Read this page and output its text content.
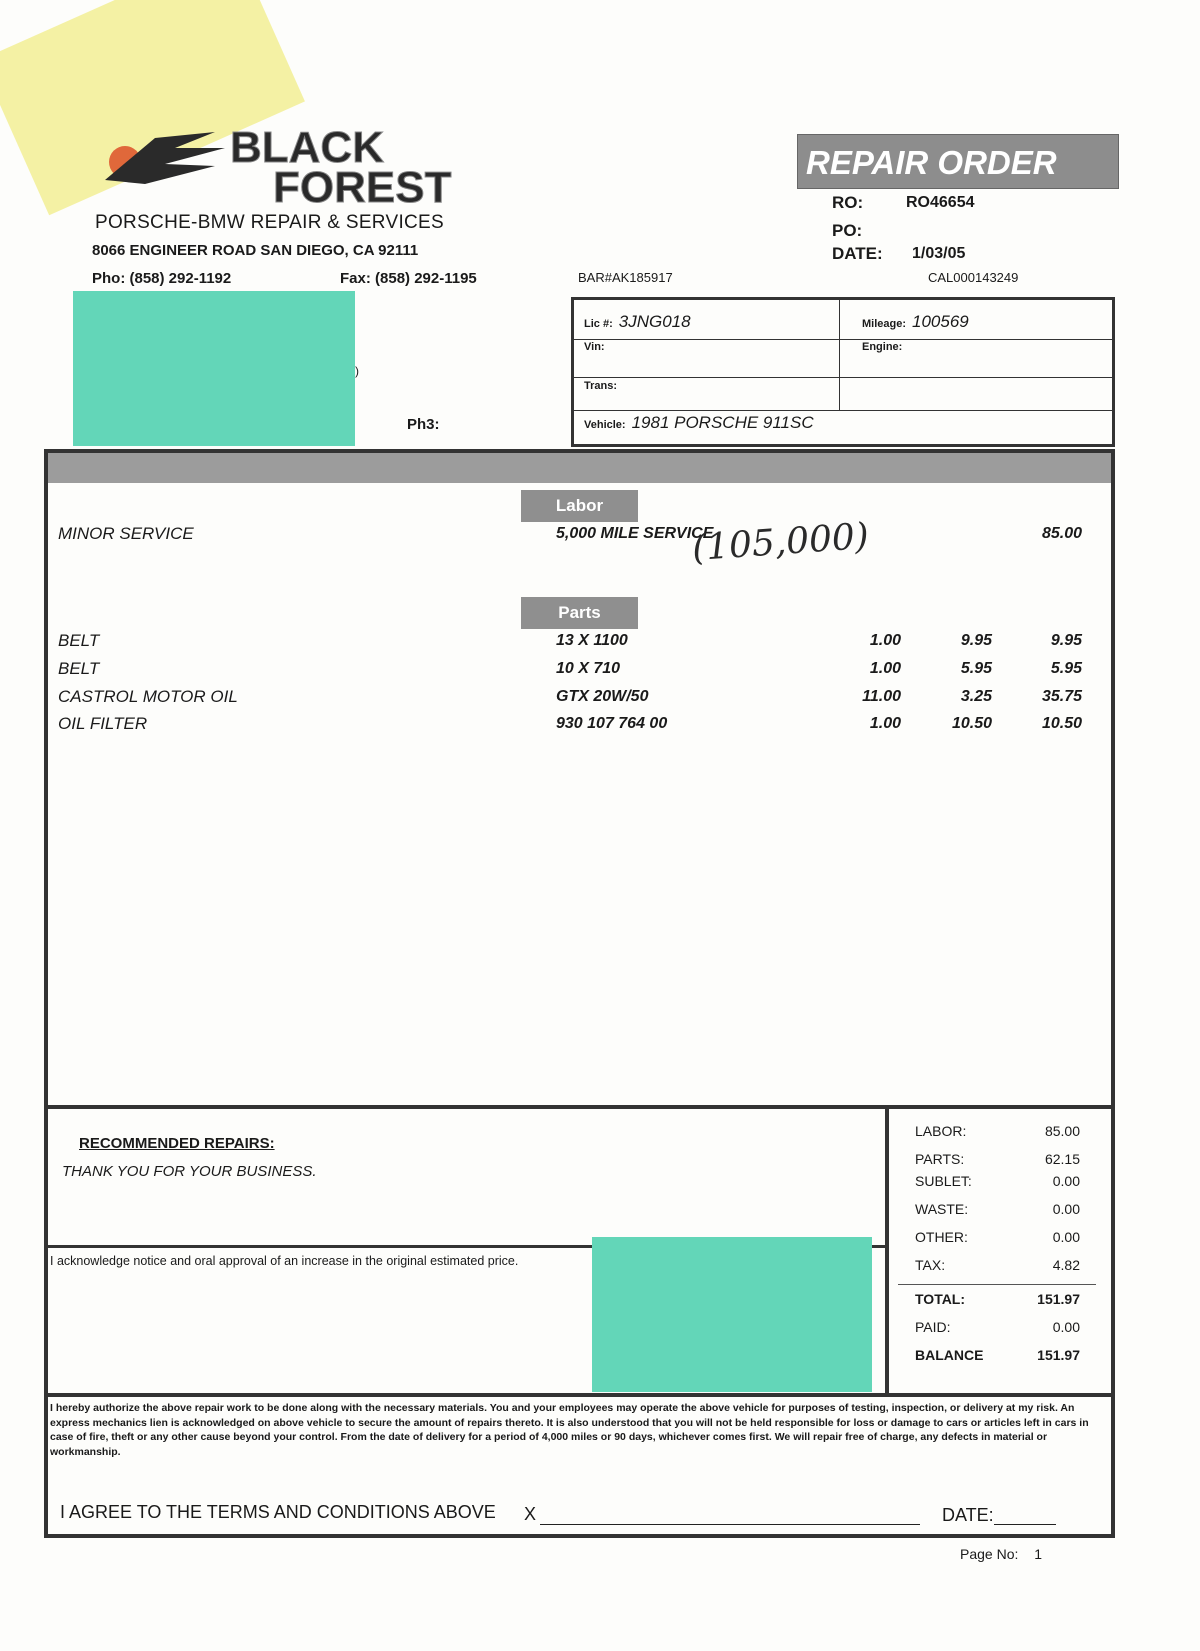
BLACK
FOREST
PORSCHE-BMW REPAIR & SERVICES
8066 ENGINEER ROAD SAN DIEGO, CA 92111
Pho: (858) 292-1192	Fax: (858) 292-1195	BAR#AK185917	CAL000143249
)
Ph3:
REPAIR ORDER
RO:	RO46654
PO:
DATE: 1/03/05
Lic #: 3JNG018	Mileage: 100569
Vin:	Engine:
Trans:
Vehicle: 1981 PORSCHE 911SC
Labor
MINOR SERVICE	5,000 MILE SERVICE	85.00
(105,000)
Parts
BELT	13 X 1100	1.00	9.95	9.95
BELT	10 X 710	1.00	5.95	5.95
CASTROL MOTOR OIL	GTX 20W/50	11.00	3.25	35.75
OIL FILTER	930 107 764 00	1.00	10.50	10.50
RECOMMENDED REPAIRS:
THANK YOU FOR YOUR BUSINESS.
I acknowledge notice and oral approval of an increase in the original estimated price.
LABOR:	85.00
PARTS:	62.15
SUBLET:	0.00
WASTE:	0.00
OTHER:	0.00
TAX:	4.82
TOTAL:	151.97
PAID:	0.00
BALANCE	151.97
I hereby authorize the above repair work to be done along with the necessary materials. You and your employees may operate the above vehicle for purposes of testing, inspection, or delivery at my risk. An express mechanics lien is acknowledged on above vehicle to secure the amount of repairs thereto. It is also understood that you will not be held responsible for loss or damage to cars or articles left in cars in case of fire, theft or any other cause beyond your control. From the date of delivery for a period of 4,000 miles or 90 days, whichever comes first. We will repair free of charge, any defects in material or workmanship.
I AGREE TO THE TERMS AND CONDITIONS ABOVE X	DATE:
Page No: 1
